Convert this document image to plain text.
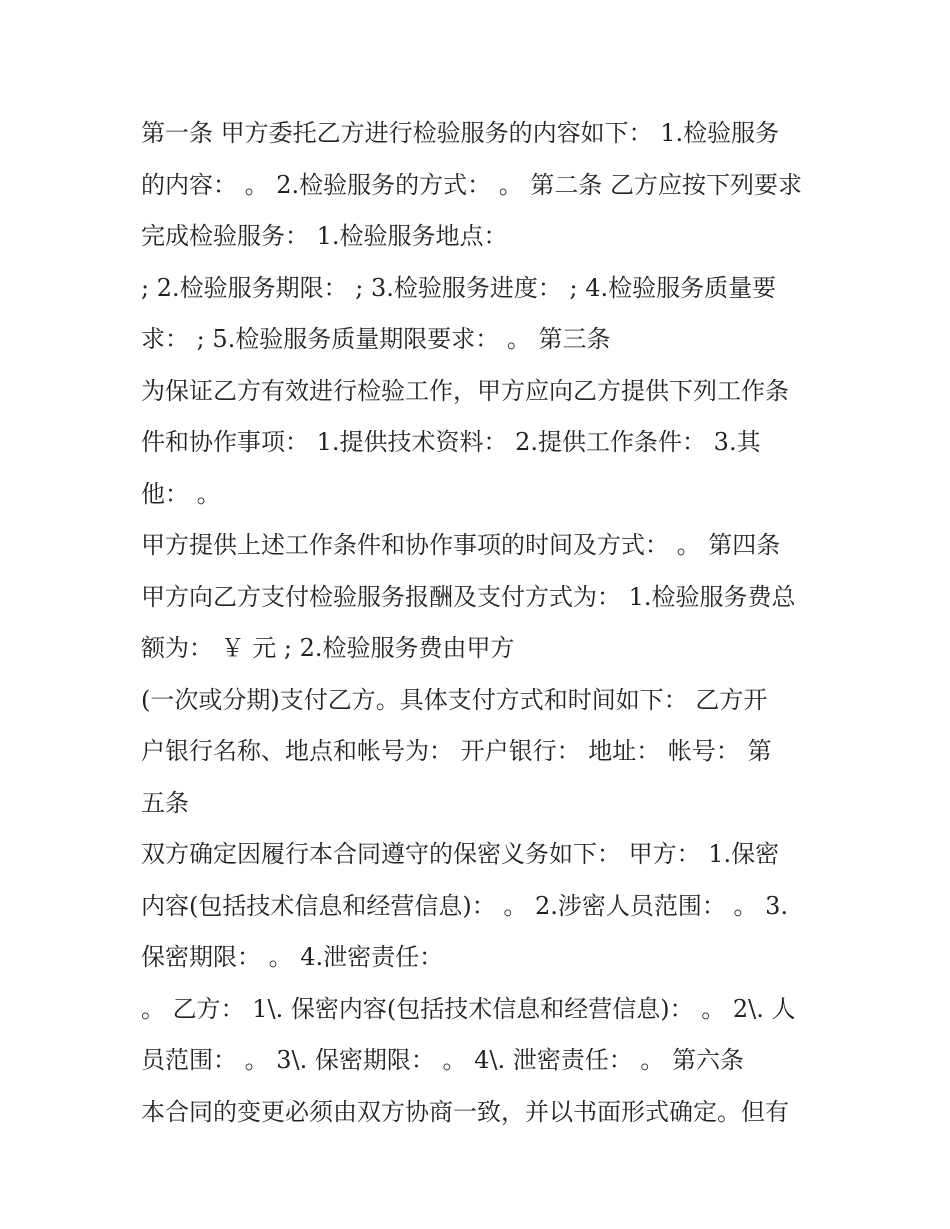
第一条 甲方委托乙方进行检验服务的内容如下： 1.检验服务
的内容： 。 2.检验服务的方式： 。 第二条 乙方应按下列要求
完成检验服务： 1.检验服务地点：
; 2.检验服务期限： ; 3.检验服务进度： ; 4.检验服务质量要
求： ; 5.检验服务质量期限要求： 。 第三条
为保证乙方有效进行检验工作，甲方应向乙方提供下列工作条
件和协作事项： 1.提供技术资料： 2.提供工作条件： 3.其
他： 。
甲方提供上述工作条件和协作事项的时间及方式： 。 第四条
甲方向乙方支付检验服务报酬及支付方式为： 1.检验服务费总
额为： ￥ 元 ; 2.检验服务费由甲方
(一次或分期)支付乙方。具体支付方式和时间如下： 乙方开
户银行名称、地点和帐号为： 开户银行： 地址： 帐号： 第
五条
双方确定因履行本合同遵守的保密义务如下： 甲方： 1.保密
内容(包括技术信息和经营信息)： 。 2.涉密人员范围： 。 3.
保密期限： 。 4.泄密责任：
。 乙方： 1\. 保密内容(包括技术信息和经营信息)： 。 2\. 人
员范围： 。 3\. 保密期限： 。 4\. 泄密责任： 。 第六条
本合同的变更必须由双方协商一致，并以书面形式确定。但有
